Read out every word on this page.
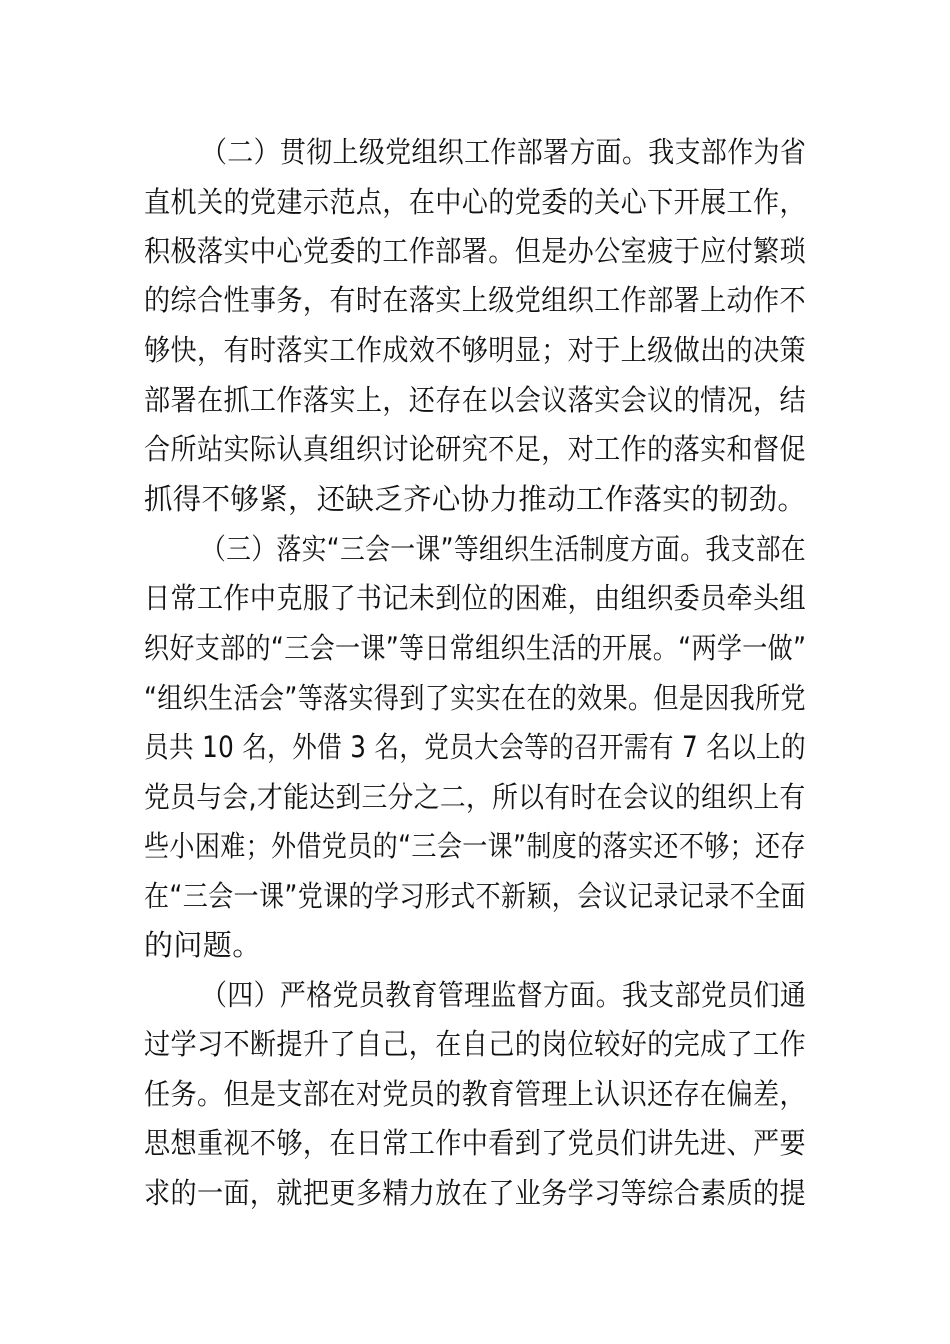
（二）贯彻上级党组织工作部署方面。我支部作为省
直机关的党建示范点，在中心的党委的关心下开展工作，
积极落实中心党委的工作部署。但是办公室疲于应付繁琐
的综合性事务，有时在落实上级党组织工作部署上动作不
够快，有时落实工作成效不够明显；对于上级做出的决策
部署在抓工作落实上，还存在以会议落实会议的情况，结
合所站实际认真组织讨论研究不足，对工作的落实和督促
抓得不够紧，还缺乏齐心协力推动工作落实的韧劲。
（三）落实“三会一课”等组织生活制度方面。我支部在
日常工作中克服了书记未到位的困难，由组织委员牵头组
织好支部的“三会一课”等日常组织生活的开展。“两学一做”
“组织生活会”等落实得到了实实在在的效果。但是因我所党
员共 10 名，外借 3 名，党员大会等的召开需有 7 名以上的
党员与会,才能达到三分之二，所以有时在会议的组织上有
些小困难；外借党员的“三会一课”制度的落实还不够；还存
在“三会一课”党课的学习形式不新颖，会议记录记录不全面
的问题。
（四）严格党员教育管理监督方面。我支部党员们通
过学习不断提升了自己，在自己的岗位较好的完成了工作
任务。但是支部在对党员的教育管理上认识还存在偏差，
思想重视不够，在日常工作中看到了党员们讲先进、严要
求的一面，就把更多精力放在了业务学习等综合素质的提
